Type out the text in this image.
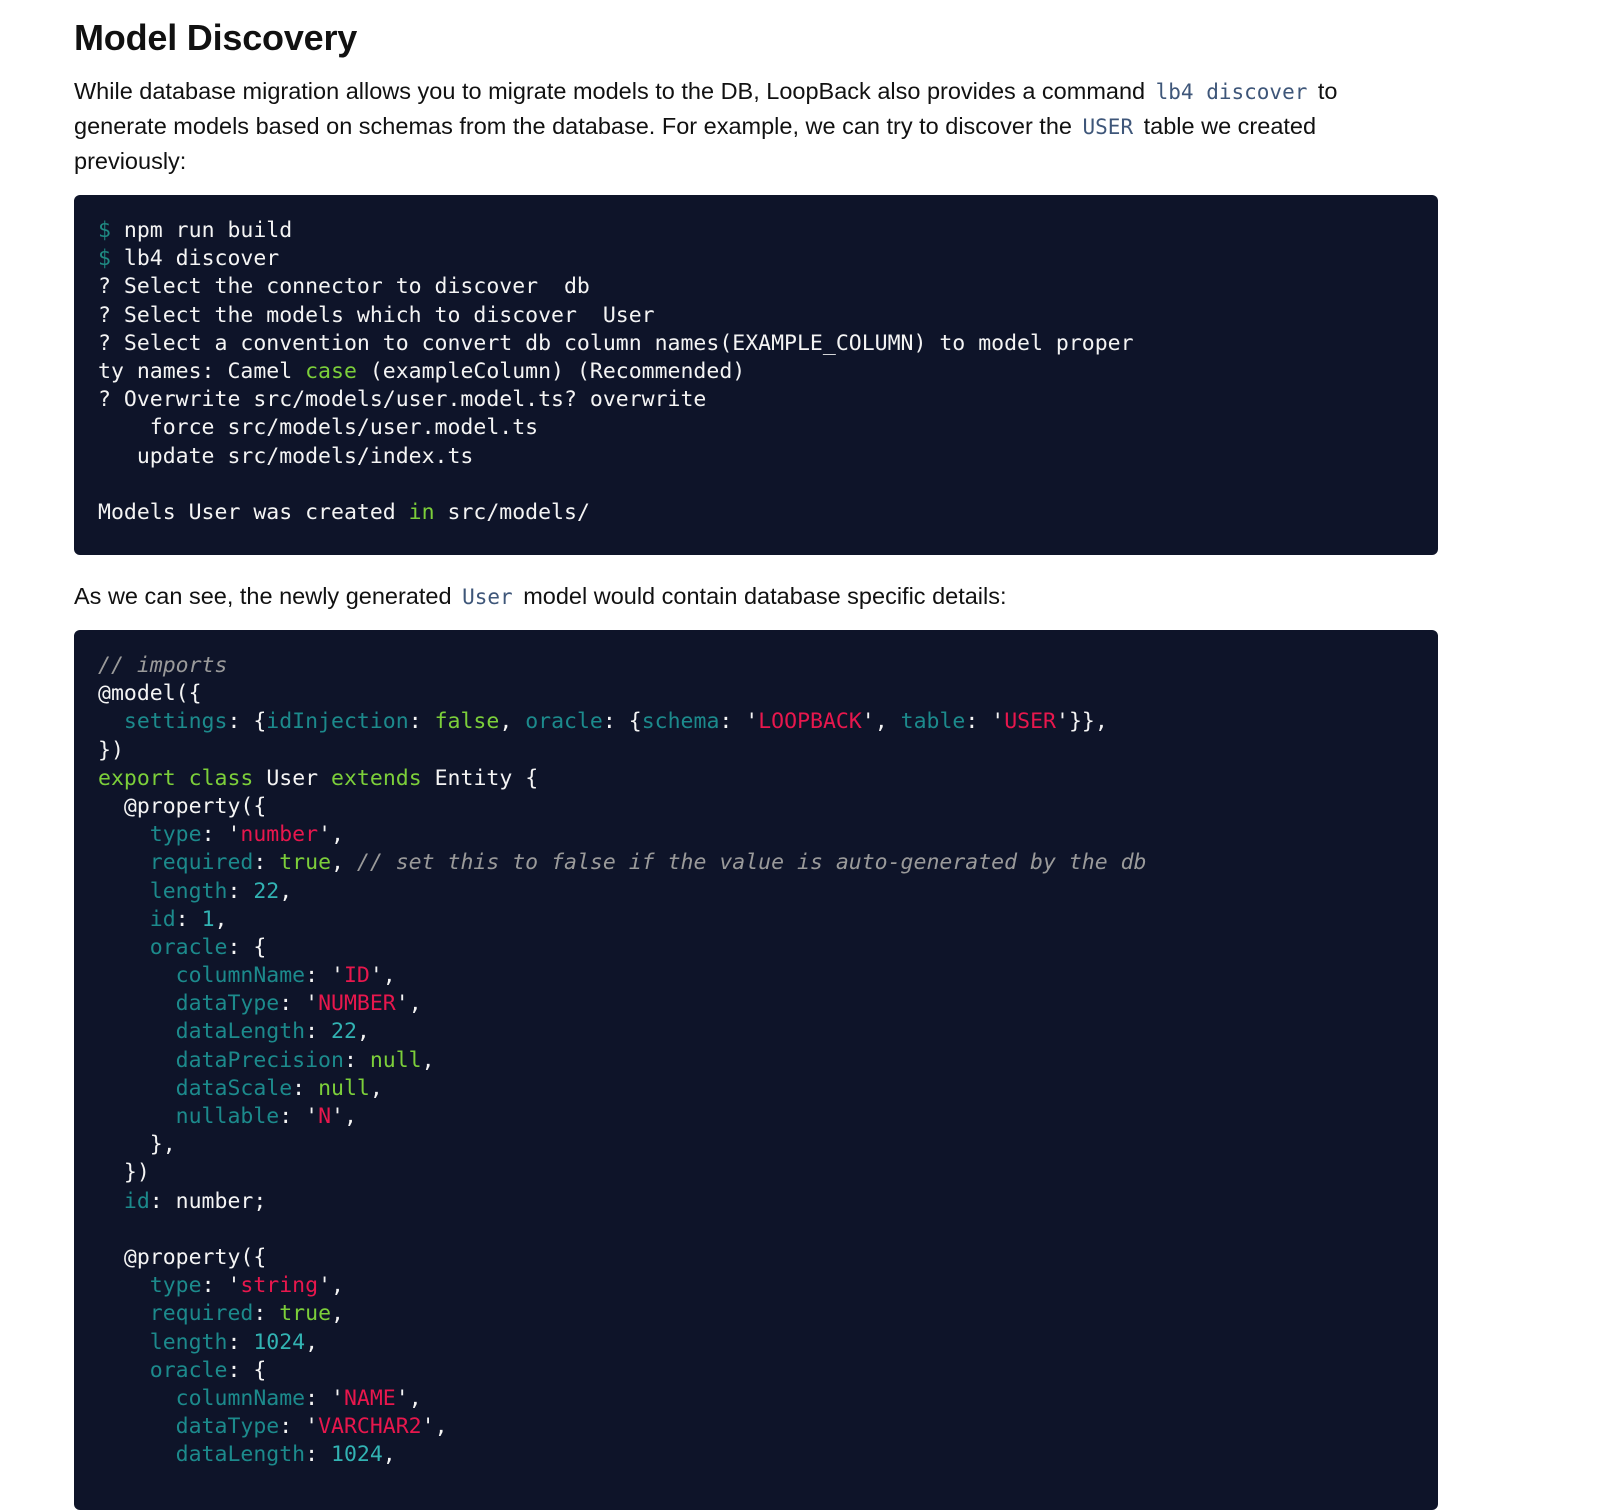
Model Discovery

While database migration allows you to migrate models to the DB, LoopBack also provides a command lb4 discover to generate models based on schemas from the database. For example, we can try to discover the USER table we created previously:

$ npm run build
$ lb4 discover
? Select the connector to discover  db
? Select the models which to discover  User
? Select a convention to convert db column names(EXAMPLE_COLUMN) to model proper
ty names: Camel case (exampleColumn) (Recommended)
? Overwrite src/models/user.model.ts? overwrite
force src/models/user.model.ts
update src/models/index.ts

Models User was created in src/models/

As we can see, the newly generated User model would contain database specific details:

// imports
@model({
settings: {idInjection: false, oracle: {schema: 'LOOPBACK', table: 'USER'}},
})
export class User extends Entity {
@property({
type: 'number',
required: true, // set this to false if the value is auto-generated by the db
length: 22,
id: 1,
oracle: {
columnName: 'ID',
dataType: 'NUMBER',
dataLength: 22,
dataPrecision: null,
dataScale: null,
nullable: 'N',
},
})
id: number;

@property({
type: 'string',
required: true,
length: 1024,
oracle: {
columnName: 'NAME',
dataType: 'VARCHAR2',
dataLength: 1024,
